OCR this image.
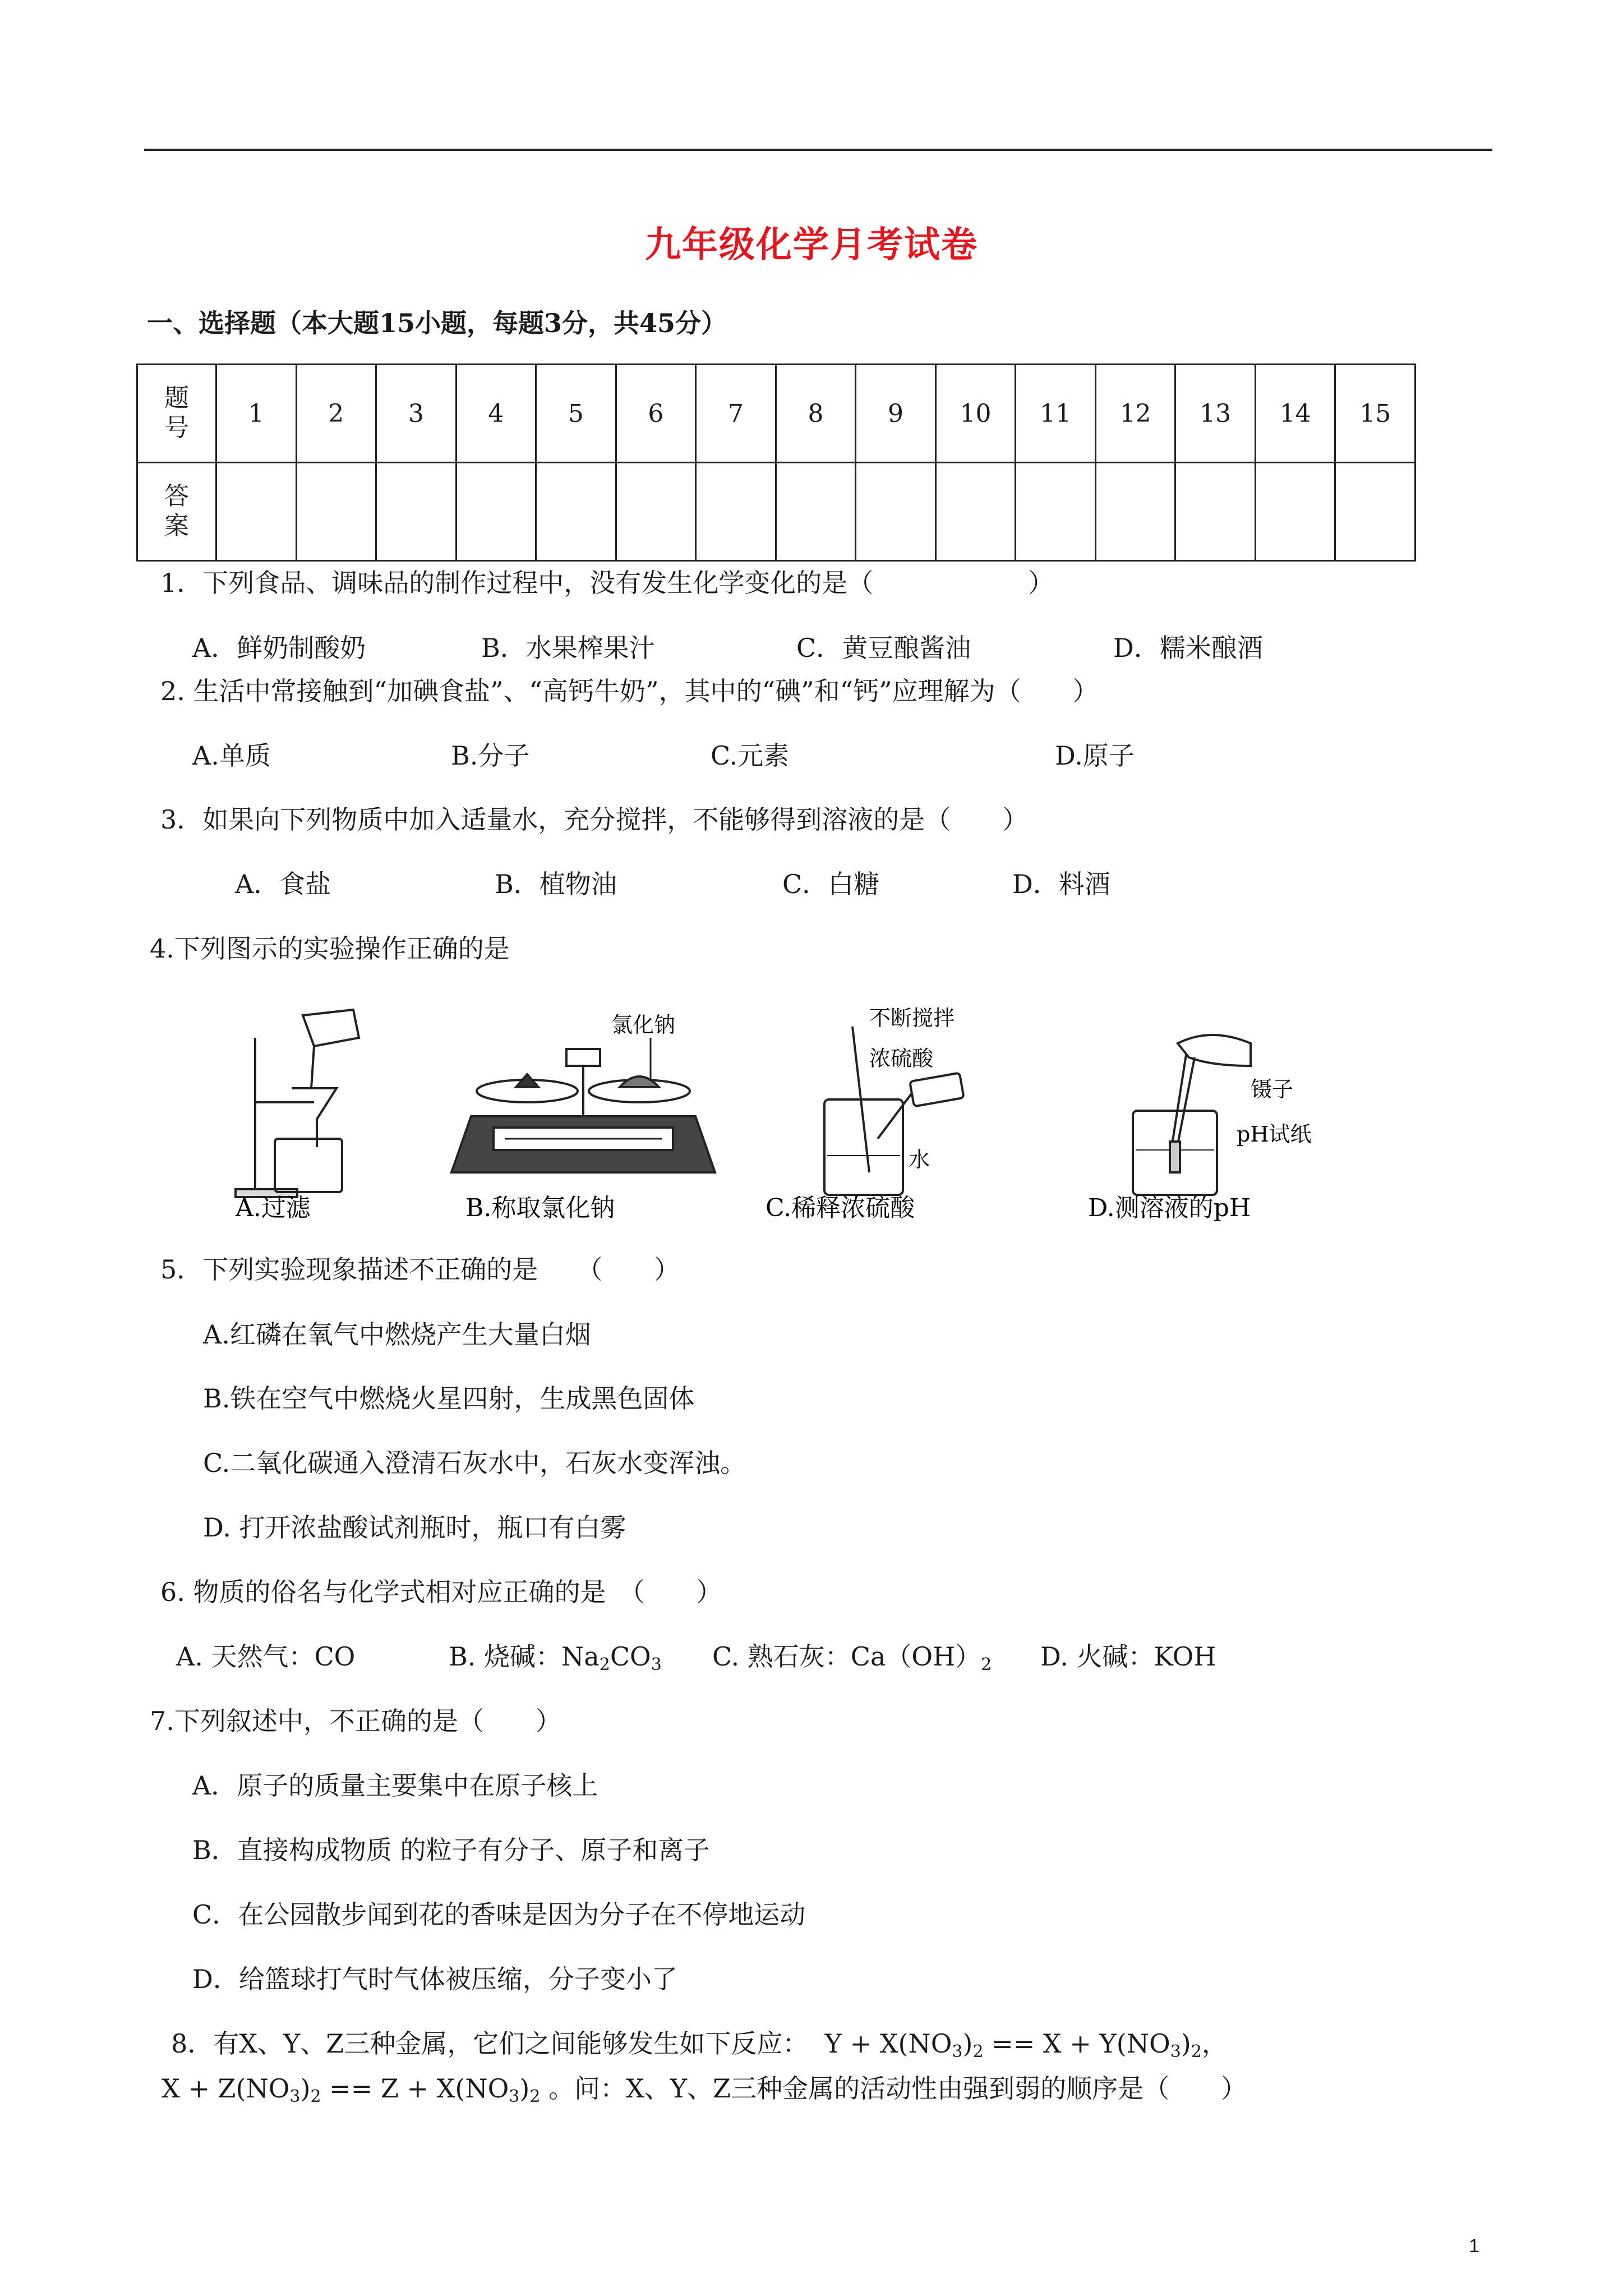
九年级化学月考试卷
一、选择题（本大题15小题，每题3分，共45分）
题
号	1	2	3	4	5	6	7	8	9	10	11	12	13	14	15
答
案															
1．下列食品、调味品的制作过程中，没有发生化学变化的是（　　　　　　）
A．鲜奶制酸奶	B．水果榨果汁	C．黄豆酿酱油	D．糯米酿酒
2. 生活中常接触到“加碘食盐”、“高钙牛奶”，其中的“碘”和“钙”应理解为（　　）
A.单质	B.分子	C.元素	D.原子
3．如果向下列物质中加入适量水，充分搅拌，不能够得到溶液的是（　　）
A．食盐	B．植物油	C．白糖	D．料酒
4.下列图示的实验操作正确的是
A.过滤
氯化钠
B.称取氯化钠
不断搅拌
浓硫酸
水
C.稀释浓硫酸
镊子
pH试纸
D.测溶液的pH
5．下列实验现象描述不正确的是　　（　　）
A.红磷在氧气中燃烧产生大量白烟
B.铁在空气中燃烧火星四射，生成黑色固体
C.二氧化碳通入澄清石灰水中，石灰水变浑浊。
D. 打开浓盐酸试剂瓶时，瓶口有白雾
6. 物质的俗名与化学式相对应正确的是　（　　）
A. 天然气：CO	B. 烧碱：$Na_2CO_3$ C. 熟石灰：$Ca(OH)_2$ D. 火碱：KOH
7.下列叙述中，不正确的是（　　）
A．原子的质量主要集中在原子核上
B．直接构成物质 的粒子有分子、原子和离子
C．在公园散步闻到花的香味是因为分子在不停地运动
D．给篮球打气时气体被压缩，分子变小了
8．有X、Y、Z三种金属，它们之间能够发生如下反应： $Y + X(NO_3)_2 == X + Y(NO_3)_2$，
$X + Z(NO_3)_2 == Z + X(NO_3)_2$ 。问：X、Y、Z三种金属的活动性由强到弱的顺序是（　　）
1
